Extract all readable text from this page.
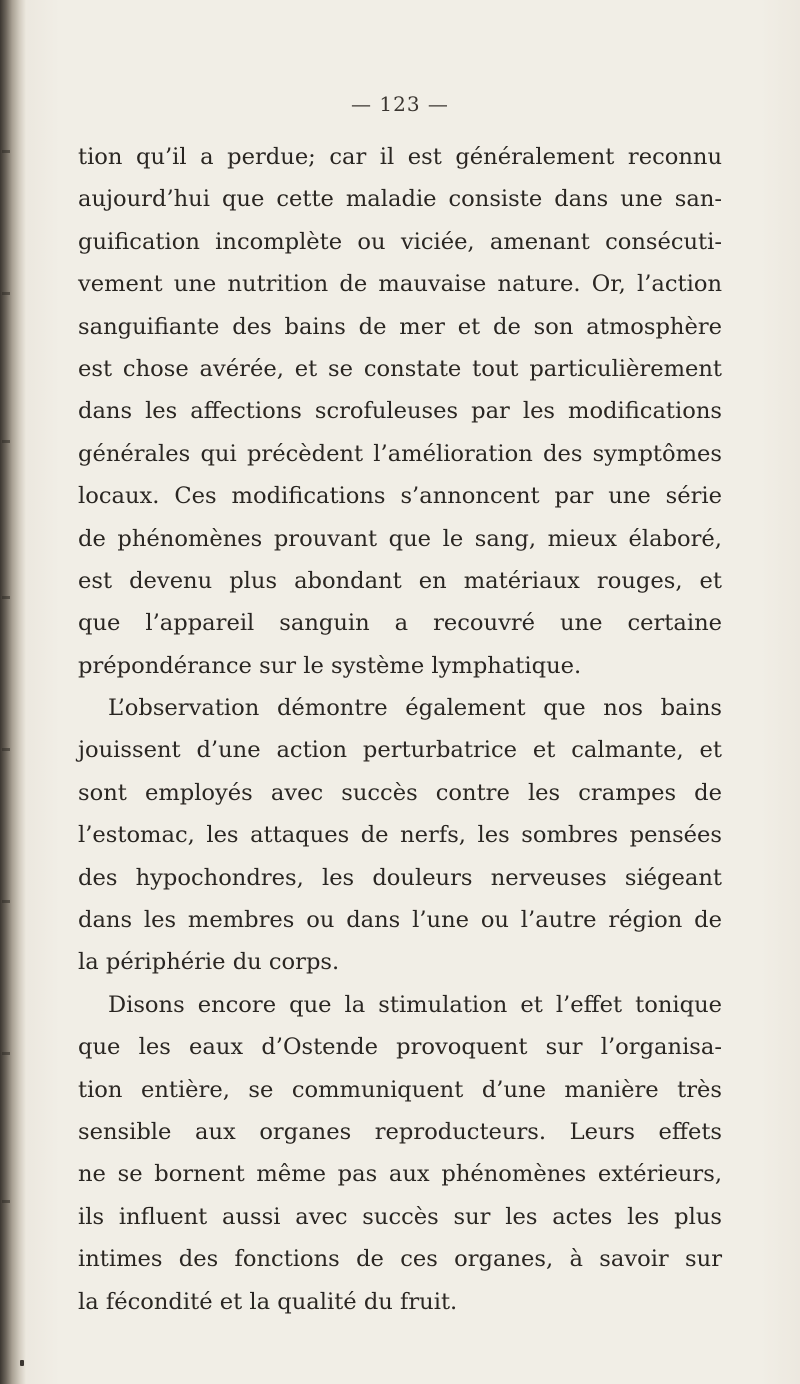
— 123 —
tion qu’il a perdue; car il est généralement reconnu
aujourd’hui que cette maladie consiste dans une san-
guification incomplète ou viciée, amenant consécuti-
vement une nutrition de mauvaise nature. Or, l’action
sanguifiante des bains de mer et de son atmosphère
est chose avérée, et se constate tout particulièrement
dans les affections scrofuleuses par les modifications
générales qui précèdent l’amélioration des symptômes
locaux. Ces modifications s’annoncent par une série
de phénomènes prouvant que le sang, mieux élaboré,
est devenu plus abondant en matériaux rouges, et
que l’appareil sanguin a recouvré une certaine
prépondérance sur le système lymphatique.
L’observation démontre également que nos bains
jouissent d’une action perturbatrice et calmante, et
sont employés avec succès contre les crampes de
l’estomac, les attaques de nerfs, les sombres pensées
des hypochondres, les douleurs nerveuses siégeant
dans les membres ou dans l’une ou l’autre région de
la périphérie du corps.
Disons encore que la stimulation et l’effet tonique
que les eaux d’Ostende provoquent sur l’organisa-
tion entière, se communiquent d’une manière très
sensible aux organes reproducteurs. Leurs effets
ne se bornent même pas aux phénomènes extérieurs,
ils influent aussi avec succès sur les actes les plus
intimes des fonctions de ces organes, à savoir sur
la fécondité et la qualité du fruit.
